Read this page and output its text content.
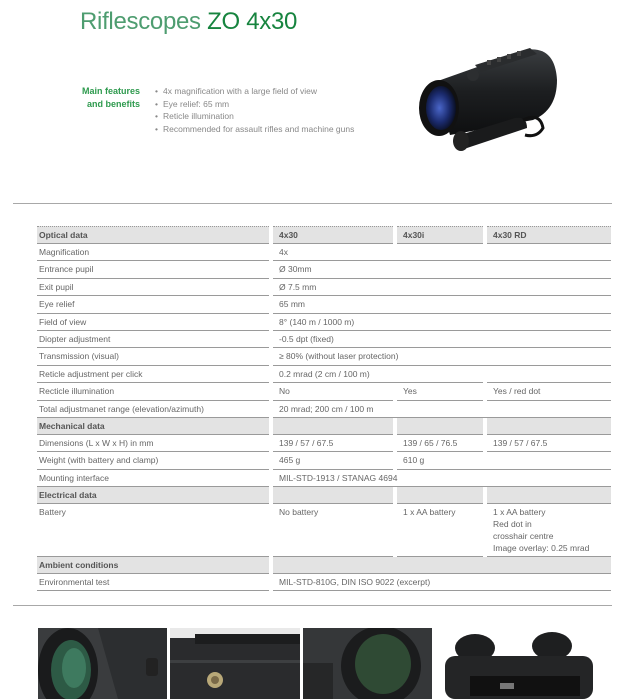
Riflescopes ZO 4x30
Main features
and benefits
• 4x magnification with a large field of view
• Eye relief: 65 mm
• Reticle illumination
• Recommended for assault rifles and machine guns
Optical data	4x30	4x30i	4x30 RD
Magnification	4x		
Entrance pupil	Ø 30mm		
Exit pupil	Ø 7.5 mm		
Eye relief	65 mm		
Field of view	8° (140 m / 1000 m)		
Diopter adjustment	-0.5 dpt (fixed)		
Transmission (visual)	≥ 80% (without laser protection)		
Reticle adjustment per click	0.2 mrad (2 cm / 100 m)		
Recticle illumination	No	Yes	Yes / red dot
Total adjustmanet range (elevation/azimuth)	20 mrad; 200 cm / 100 m		
Mechanical data			
Dimensions (L x W x H) in mm	139 / 57 / 67.5	139 / 65 / 76.5	139 / 57 / 67.5
Weight (with battery and clamp)	465 g	610 g	
Mounting interface	MIL-STD-1913 / STANAG 4694		
Electrical data			
Battery	No battery	1 x AA battery	1 x AA battery
Red dot in
crosshair centre
Image overlay: 0.25 mrad

Ambient conditions			
Environmental test	MIL-STD-810G, DIN ISO 9022 (excerpt)		
